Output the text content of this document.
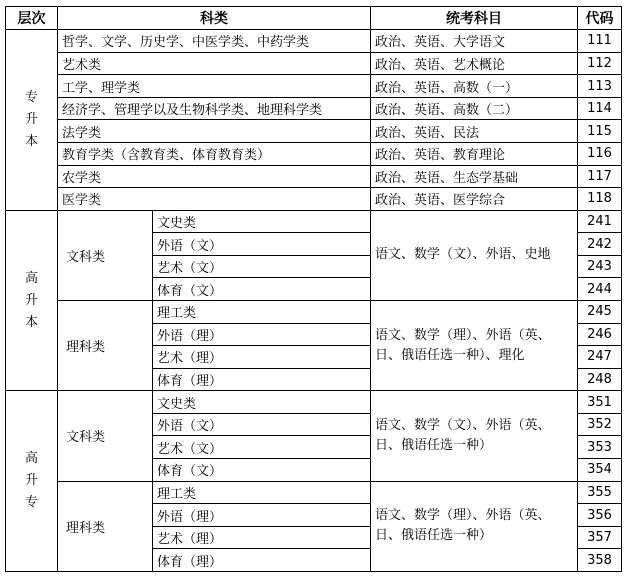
层次	科类		统考科目	代码

专
升
本	哲学、文学、历史学、中医学类、中药学类		政治、英语、大学语文	111
	艺术类		政治、英语、艺术概论	112
	工学、理学类		政治、英语、高数（一）	113
	经济学、管理学以及生物科学类、地理科学类		政治、英语、高数（二）	114
	法学类		政治、英语、民法	115
	教育学类（含教育类、体育教育类）		政治、英语、教育理论	116
	农学类		政治、英语、生态学基础	117
	医学类		政治、英语、医学综合	118

高
升
本	文科类	文史类	语文、数学（文）、外语、史地	241
		外语（文）		242
		艺术（文）		243
		体育（文）		244
	理科类	理工类	语文、数学（理）、外语（英、日、俄语任选一种）、理化	245
		外语（理）		246
		艺术（理）		247
		体育（理）		248

高
升
专	文科类	文史类	语文、数学（文）、外语（英、日、俄语任选一种）	351
		外语（文）		352
		艺术（文）		353
		体育（文）		354
	理科类	理工类	语文、数学（理）、外语（英、日、俄语任选一种）	355
		外语（理）		356
		艺术（理）		357
		体育（理）		358
